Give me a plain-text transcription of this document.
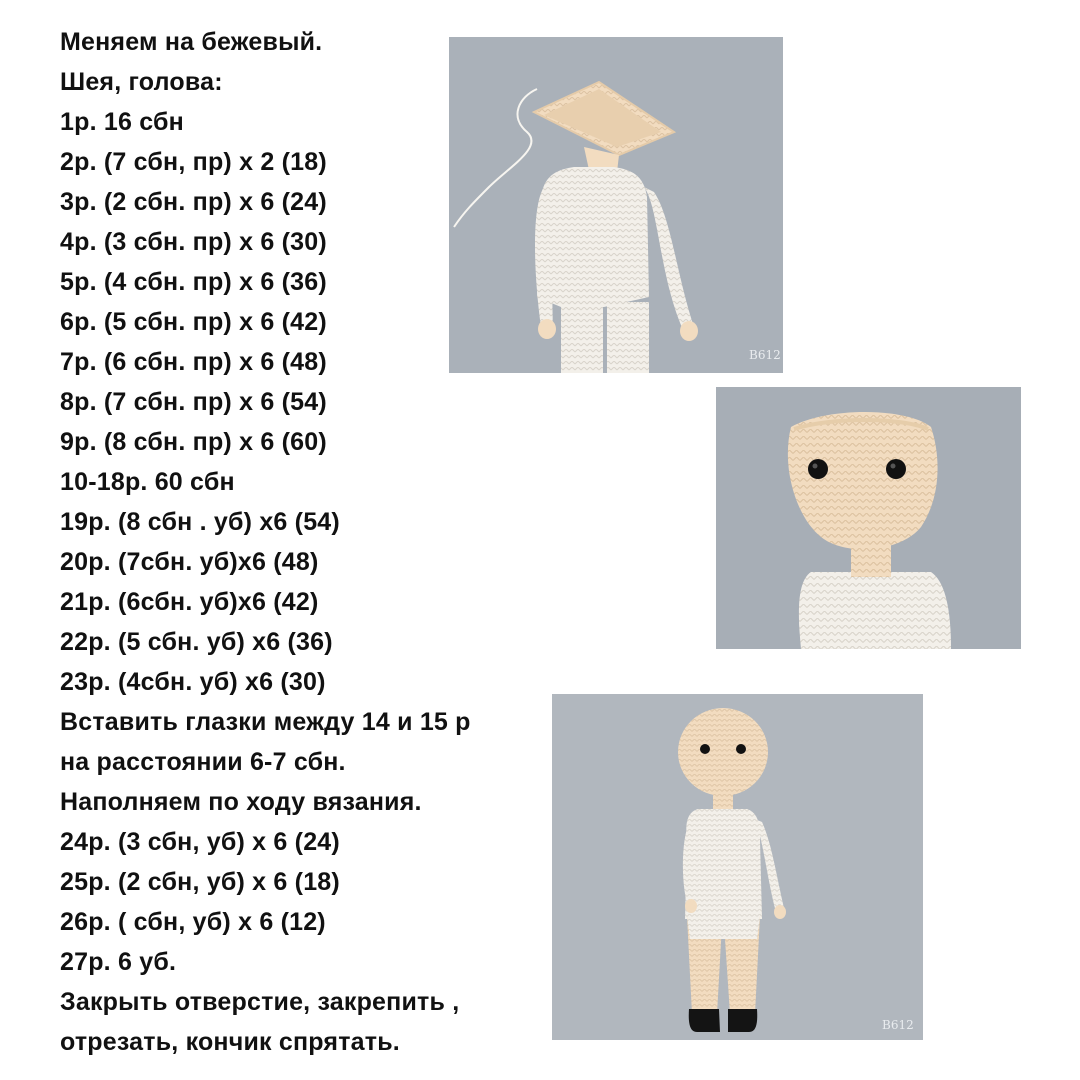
Меняем на бежевый.
Шея, голова:
1р. 16 сбн
2р. (7 сбн, пр) х 2 (18)
3р. (2 сбн. пр) х 6 (24)
4р. (3 сбн. пр) х 6 (30)
5р. (4 сбн. пр) х 6 (36)
6р. (5 сбн. пр) х 6 (42)
7р. (6 сбн. пр) х 6 (48)
8р. (7 сбн. пр) х 6 (54)
9р. (8 сбн. пр) х 6 (60)
10-18р. 60 сбн
19р. (8 сбн . уб) х6 (54)
20р. (7сбн. уб)х6 (48)
21р. (6сбн. уб)х6 (42)
22р. (5 сбн. уб) х6 (36)
23р. (4сбн. уб) х6 (30)
Вставить глазки между 14 и 15 р
на расстоянии 6-7 сбн.
Наполняем по ходу вязания.
24р. (3 сбн, уб) х 6 (24)
25р. (2 сбн, уб) х 6 (18)
26р. ( сбн, уб) х 6 (12)
27р. 6 уб.
Закрыть отверстие, закрепить ,
отрезать, кончик спрятать.
B612
B612
